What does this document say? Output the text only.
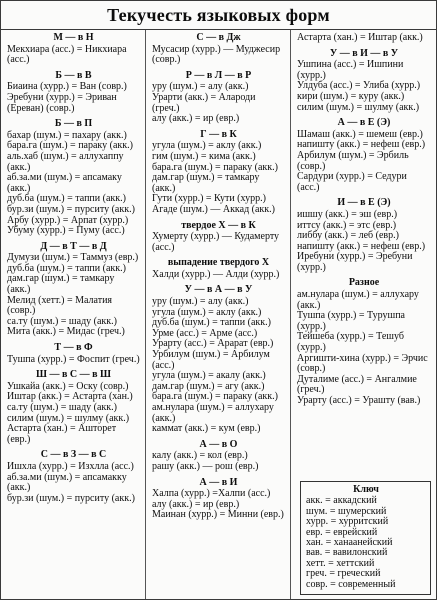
Текучесть языковых форм
М — в Н
Мекхиара (асс.) = Никхиара (асс.)
Б — в В
Биаина (хурр.) = Ван (совр.)
Эребуни (хурр.) = Эриван (Ереван) (совр.)
Б — в П
бахар (шум.) = пахару (акк.)
бара.га (шум.) = параку (акк.)
аль.хаб (шум.) = аллухаппу (акк.)
аб.за.ми (шум.) = апсамаку (акк.)
дуб.ба (шум.) = таппи (акк.)
бур.зи (шум.) = пурситу (акк.)
Арбу (хурр.) = Арпат (хурр.)
Убуму (хурр.) = Пуму (асс.)
Д — в Т — в Д
Думузи (шум.) = Таммуз (евр.)
дуб.ба (шум.) = таппи (акк.)
дам.гар (шум.) = тамкару (акк.)
Мелид (хетт.) = Малатия (совр.)
са.ту (шум.) = шаду (акк.)
Мита (акк.) = Мидас (греч.)
Т — в Ф
Тушпа (хурр.) = Фоспит (греч.)
Ш — в С — в Ш
Ушкайа (акк.) = Оску (совр.)
Иштар (акк.) = Астарта (хан.)
са.ту (шум.) = шаду (акк.)
силим (шум.) = шулму (акк.)
Астарта (хан.) = Ашторет (евр.)
С — в З — в С
Ишхла (хурр.) = Изхлла (асс.)
аб.за.ми (шум.) = апсамакку (акк.)
бур.зи (шум.) = пурситу (акк.)
С — в Дж
Мусасир (хурр.) — Муджесир (совр.)
Р — в Л — в Р
уру (шум.) = алу (акк.)
Урарти (акк.) = Алароди (греч.)
алу (акк.) = ир (евр.)
Г — в К
угула (шум.) = аклу (акк.)
гим (шум.) = кима (акк.)
бара.га (шум.) = параку (акк.)
дам.гар (шум.) = тамкару (акк.)
Гути (хурр.) = Кути (хурр.)
Агаде (шум.) — Аккад (акк.)
твердое Х — в К
Хумерту (хурр.) — Кудамерту (асс.)
выпадение твердого Х
Халди (хурр.) — Алди (хурр.)
У — в А — в У
уру (шум.) = алу (акк.)
угула (шум.) = аклу (акк.)
дуб.ба (шум.) = таппи (акк.)
Урме (асс.) = Арме (асс.)
Урарту (асс.) = Арарат (евр.)
Урбилум (шум.) = Арбилум (асс.)
угула (шум.) = акалу (акк.)
дам.гар (шум.) = агу (акк.)
бара.га (шум.) = параку (акк.)
ам.нулара (шум.) = аллухару (акк.)
каммат (акк.) = кум (евр.)
А — в О
калу (акк.) = кол (евр.)
рашу (акк.) — рош (евр.)
А — в И
Халпа (хурр.) =Халпи (асс.)
алу (акк.) = ир (евр.)
Маинан (хурр.) = Минни (евр.)
Астарта (хан.) = Иштар (акк.)
У — в И — в У
Ушпина (асс.) = Ишпини (хурр.)
Улдуба (асс.) = Улиба (хурр.)
кири (шум.) = куру (акк.)
силим (шум.) = шулму (акк.)
А — в Е (Э)
Шамаш (акк.) = шемеш (евр.)
напишту (акк.) = нефеш (евр.)
Арбилум (шум.) = Эрбиль (совр.)
Сардури (хурр.) = Седури (асс.)
И — в Е (Э)
ишшу (акк.) = эш (евр.)
иттсу (акк.) = этс (евр.)
либбу (акк.) = леб (евр.)
напишту (акк.) = нефеш (евр.)
Иребуни (хурр.) = Эребуни (хурр.)
Разное
ам.нулара (шум.) = аллухару (акк.)
Тушпа (хурр.) = Турушпа (хурр.)
Тейшеба (хурр.) = Тешуб (хурр.)
Аргишти-хина (хурр.) = Эрчис (совр.)
Дуталиме (асс.) = Ангалмие (греч.)
Урарту (асс.) = Урашту (вав.)
Ключ
акк. = аккадский
шум. = шумерский
хурр. = хурритский
евр. = еврейский
хан. = ханаанейский
вав. = вавилонский
хетт. = хеттский
греч. = греческий
совр. = современный
